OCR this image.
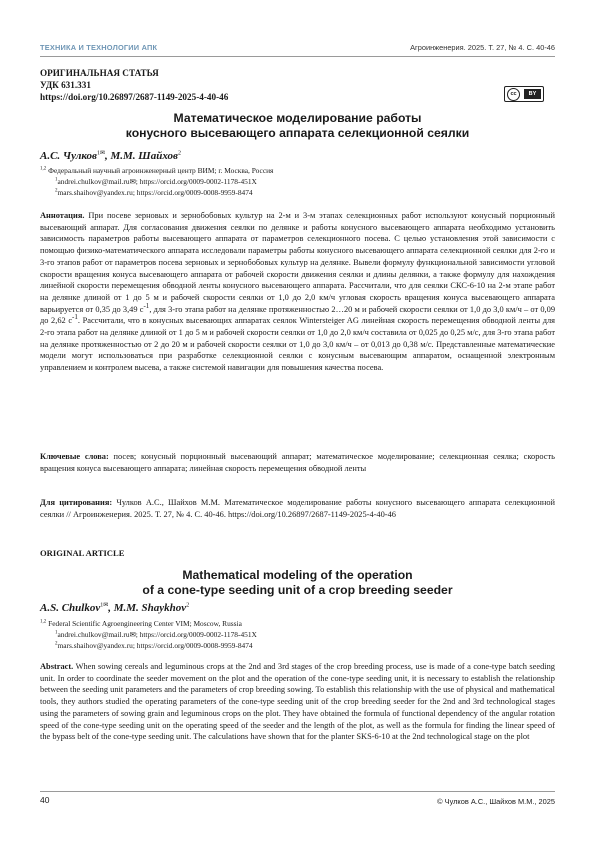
ТЕХНИКА И ТЕХНОЛОГИИ АПК	Агроинженерия. 2025. Т. 27, № 4. С. 40-46
ОРИГИНАЛЬНАЯ СТАТЬЯ
УДК 631.331
https://doi.org/10.26897/2687-1149-2025-4-40-46	cc	BY
Математическое моделирование работы
конусного высевающего аппарата селекционной сеялки
А.С. Чулков$^{1✉}$, М.М. Шайхов$^2$
$^{1,2}$ Федеральный научный агроинженерный центр ВИМ; г. Москва, Россия
$^1$andrei.chulkov@mail.ru✉; https://orcid.org/0009-0002-1178-451X
$^2$mars.shaihov@yandex.ru; https://orcid.org/0009-0008-9959-8474

Аннотация. При посеве зерновых и зернобобовых культур на 2-м и 3-м этапах селекционных работ используют конусный порционный высевающий аппарат. Для согласования движения сеялки по делянке и работы конусного высевающего аппарата необходимо установить зависимость параметров работы высевающего аппарата от параметров селекционного посева. С целью установления этой зависимости с помощью физико-математического аппарата исследовали параметры работы конусного высевающего аппарата селекционной сеялки для 2-го и 3-го этапов работ от параметров посева зерновых и зернобобовых культур на делянке. Вывели формулу функциональной зависимости угловой скорости вращения конуса высевающего аппарата от рабочей скорости движения сеялки и длины делянки, а также формулу для нахождения линейной скорости перемещения обводной ленты конусного высевающего аппарата. Рассчитали, что для сеялки СКС-6-10 на 2-м этапе работ на делянке длиной от 1 до 5 м и рабочей скорости сеялки от 1,0 до 2,0 км/ч угловая скорость вращения конуса высевающего аппарата варьируется от 0,35 до 3,49 $с^{-1}$, для 3-го этапа работ на делянке протяженностью 2…20 м и рабочей скорости сеялки от 1,0 до 3,0 км/ч – от 0,09 до 2,62 $с^{-1}$. Рассчитали, что в конусных высевающих аппаратах сеялок Wintersteiger AG линейная скорость перемещения обводной ленты для 2-го этапа работ на делянке длиной от 1 до 5 м и рабочей скорости сеялки от 1,0 до 2,0 км/ч составила от 0,025 до 0,25 м/с, для 3-го этапа работ на делянке протяженностью от 2 до 20 м и рабочей скорости сеялки от 1,0 до 3,0 км/ч – от 0,013 до 0,38 м/с. Представленные математические модели могут использоваться при разработке селекционной сеялки с конусным высевающим аппаратом, оснащенной электронным управлением и контролем высева, а также системой навигации для повышения качества посева.

Ключевые слова: посев; конусный порционный высевающий аппарат; математическое моделирование; селекционная сеялка; скорость вращения конуса высевающего аппарата; линейная скорость перемещения обводной ленты

Для цитирования: Чулков А.С., Шайхов М.М. Математическое моделирование работы конусного высевающего аппарата селекционной сеялки // Агроинженерия. 2025. Т. 27, № 4. С. 40-46. https://doi.org/10.26897/2687-1149-2025-4-40-46

ORIGINAL ARTICLE
Mathematical modeling of the operation
of a cone-type seeding unit of a crop breeding seeder
A.S. Chulkov$^{1✉}$, M.M. Shaykhov$^2$
$^{1,2}$ Federal Scientific Agroengineering Center VIM; Moscow, Russia
$^1$andrei.chulkov@mail.ru✉; https://orcid.org/0009-0002-1178-451X
$^2$mars.shaihov@yandex.ru; https://orcid.org/0009-0008-9959-8474

Abstract. When sowing cereals and leguminous crops at the 2nd and 3rd stages of the crop breeding process, use is made of a cone-type batch seeding unit. In order to coordinate the seeder movement on the plot and the operation of the cone-type seeding unit, it is necessary to establish the relationship between the seeding unit parameters and the parameters of crop breeding sowing. To establish this relationship with the use of physical and mathematical tools, they authors studied the operating parameters of the cone-type seeding unit of the crop breeding seeder for the 2nd and 3rd technological stages using the parameters of sowing grain and leguminous crops on the plot. They have obtained the formula of functional dependency of the angular rotation speed of the cone-type seeding unit on the operating speed of the seeder and the length of the plot, as well as the formula for finding the linear speed of the bypass belt of the cone-type seeding unit. The calculations have shown that for the planter SKS-6-10 at the 2nd technological stage on the plot

40	© Чулков А.С., Шайхов М.М., 2025
